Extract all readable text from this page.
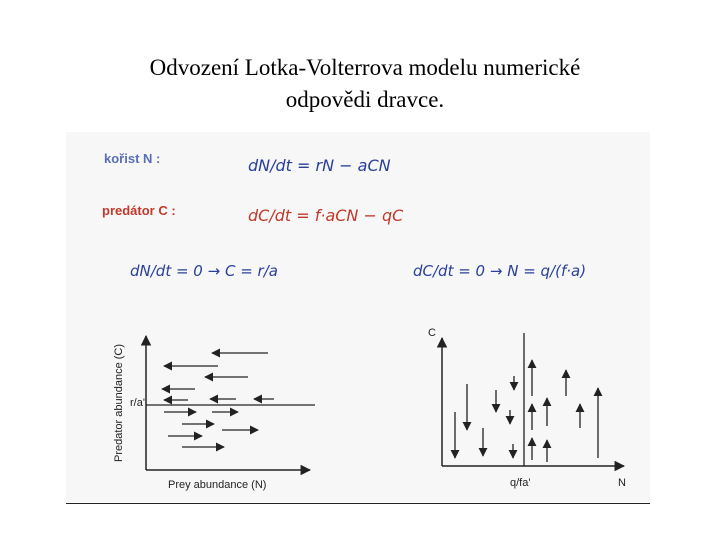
Odvození Lotka-Volterrova modelu numerické
odpovědi dravce.
kořist N :	dN/dt = rN − aCN
predátor C :	dC/dt = f·aCN − qC
dN/dt = 0 → C = r/a	dC/dt = 0 → N = q/(f·a)
Predator abundance (C)
Prey abundance (N)
r/a'
C
N
q/fa'
